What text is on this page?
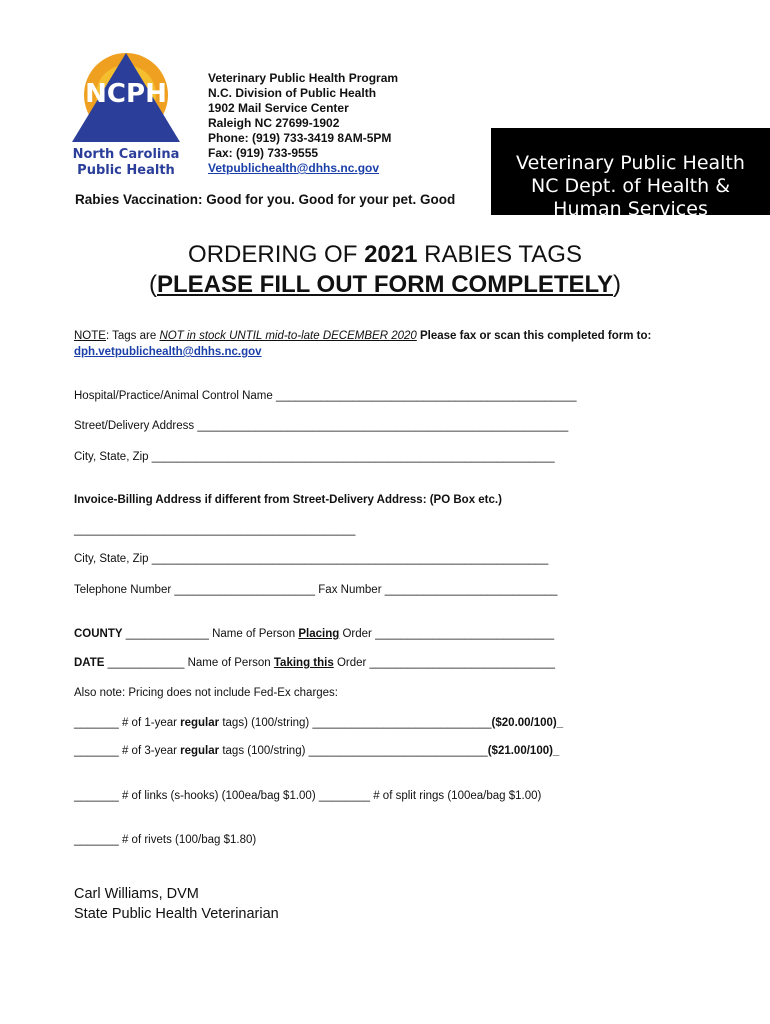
NCPH
North Carolina
Public Health
Veterinary Public Health Program
N.C. Division of Public Health
1902 Mail Service Center
Raleigh NC 27699-1902
Phone: (919) 733-3419 8AM-5PM
Fax: (919) 733-9555
Vetpublichealth@dhhs.nc.gov	Veterinary Public Health
NC Dept. of Health &
Human Services
Rabies Vaccination: Good for you. Good for your pet. Good
ORDERING OF 2021 RABIES TAGS
(PLEASE FILL OUT FORM COMPLETELY)
NOTE: Tags are NOT in stock UNTIL mid-to-late DECEMBER 2020 Please fax or scan this completed form to:
dph.vetpublichealth@dhhs.nc.gov
Hospital/Practice/Animal Control Name _______________________________________________
Street/Delivery Address __________________________________________________________
City, State, Zip _______________________________________________________________
Invoice-Billing Address if different from Street-Delivery Address: (PO Box etc.)
____________________________________________
City, State, Zip ______________________________________________________________
Telephone Number ______________________ Fax Number ___________________________
COUNTY _____________ Name of Person Placing Order ____________________________
DATE ____________ Name of Person Taking this Order _____________________________
Also note: Pricing does not include Fed-Ex charges:
_______ # of 1-year regular tags) (100/string) ____________________________($20.00/100)_
_______ # of 3-year regular tags (100/string) ____________________________($21.00/100)_
_______ # of links (s-hooks) (100ea/bag $1.00) ________ # of split rings (100ea/bag $1.00)
_______ # of rivets (100/bag $1.80)
Carl Williams, DVM
State Public Health Veterinarian
